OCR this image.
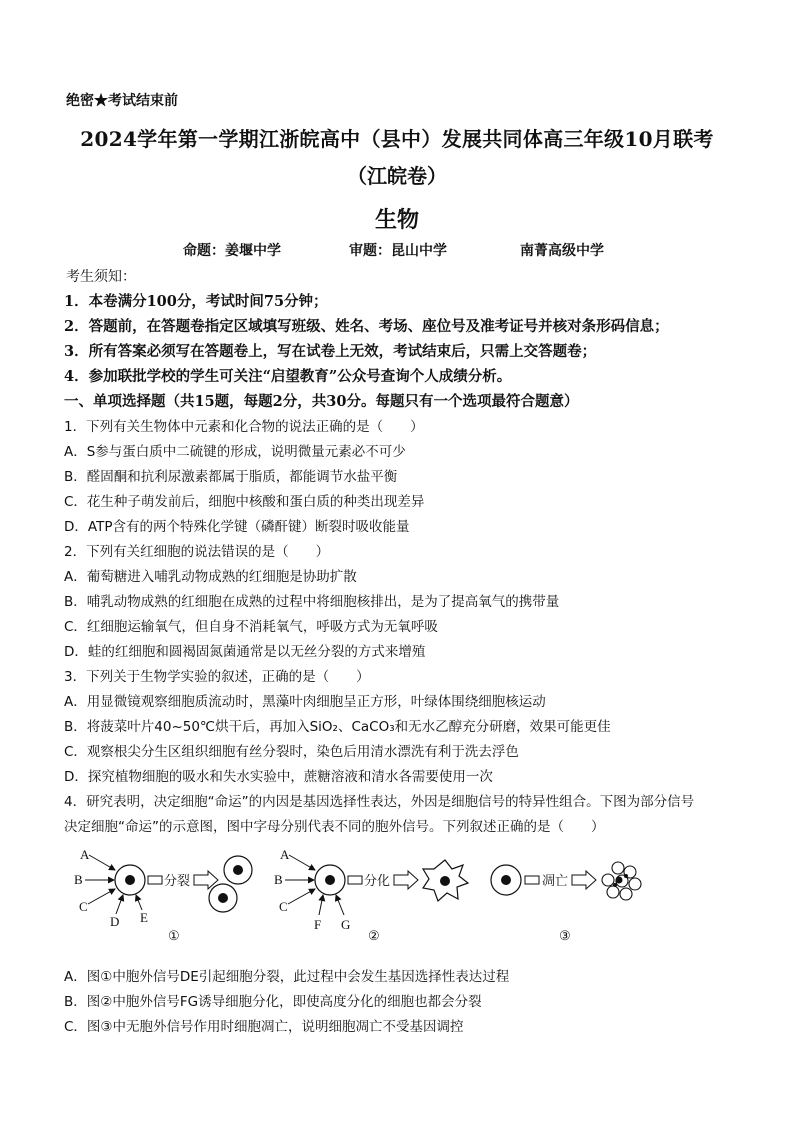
绝密★考试结束前
2024学年第一学期江浙皖高中（县中）发展共同体高三年级10月联考
（江皖卷）
生物
命题：姜堰中学	审题：昆山中学	南菁高级中学
考生须知：
1．本卷满分100分，考试时间75分钟；
2．答题前，在答题卷指定区域填写班级、姓名、考场、座位号及准考证号并核对条形码信息；
3．所有答案必须写在答题卷上，写在试卷上无效，考试结束后，只需上交答题卷；
4．参加联批学校的学生可关注“启望教育”公众号查询个人成绩分析。
一、单项选择题（共15题，每题2分，共30分。每题只有一个选项最符合题意）
1．下列有关生物体中元素和化合物的说法正确的是（　　）
A．S参与蛋白质中二硫键的形成，说明微量元素必不可少
B．醛固酮和抗利尿激素都属于脂质，都能调节水盐平衡
C．花生种子萌发前后，细胞中核酸和蛋白质的种类出现差异
D．ATP含有的两个特殊化学键（磷酐键）断裂时吸收能量
2．下列有关红细胞的说法错误的是（　　）
A．葡萄糖进入哺乳动物成熟的红细胞是协助扩散
B．哺乳动物成熟的红细胞在成熟的过程中将细胞核排出，是为了提高氧气的携带量
C．红细胞运输氧气，但自身不消耗氧气，呼吸方式为无氧呼吸
D．蛙的红细胞和圆褐固氮菌通常是以无丝分裂的方式来增殖
3．下列关于生物学实验的叙述，正确的是（　　）
A．用显微镜观察细胞质流动时，黑藻叶肉细胞呈正方形，叶绿体围绕细胞核运动
B．将菠菜叶片40~50℃烘干后，再加入SiO₂、CaCO₃和无水乙醇充分研磨，效果可能更佳
C．观察根尖分生区组织细胞有丝分裂时，染色后用清水漂洗有利于洗去浮色
D．探究植物细胞的吸水和失水实验中，蔗糖溶液和清水各需要使用一次
4．研究表明，决定细胞“命运”的内因是基因选择性表达，外因是细胞信号的特异性组合。下图为部分信号
决定细胞“命运”的示意图，图中字母分别代表不同的胞外信号。下列叙述正确的是（　　）
A
B
C
D E
分裂
①
A
B
C
F G
分化
②
凋亡
③
A．图①中胞外信号DE引起细胞分裂，此过程中会发生基因选择性表达过程
B．图②中胞外信号FG诱导细胞分化，即使高度分化的细胞也都会分裂
C．图③中无胞外信号作用时细胞凋亡，说明细胞凋亡不受基因调控
